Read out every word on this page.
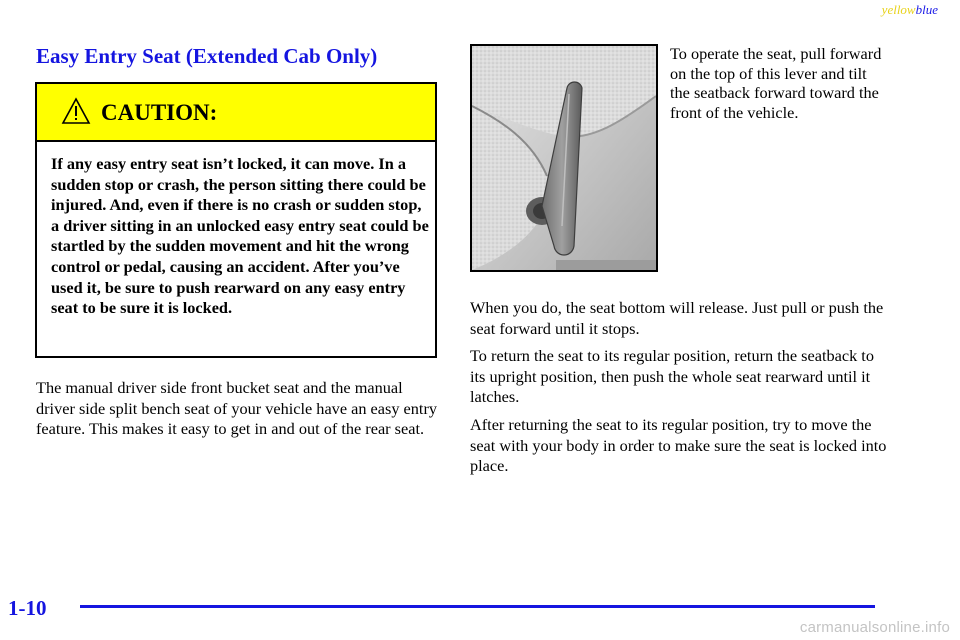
yellowblue
Easy Entry Seat (Extended Cab Only)
CAUTION:

If any easy entry seat isn’t locked, it can move. In a sudden stop or crash, the person sitting there could be injured. And, even if there is no crash or sudden stop, a driver sitting in an unlocked easy entry seat could be startled by the sudden movement and hit the wrong control or pedal, causing an accident. After you’ve used it, be sure to push rearward on any easy entry seat to be sure it is locked.

The manual driver side front bucket seat and the manual driver side split bench seat of your vehicle have an easy entry feature. This makes it easy to get in and out of the rear seat.

To operate the seat, pull forward on the top of this lever and tilt the seatback forward toward the front of the vehicle.

When you do, the seat bottom will release. Just pull or push the seat forward until it stops.

To return the seat to its regular position, return the seatback to its upright position, then push the whole seat rearward until it latches.

After returning the seat to its regular position, try to move the seat with your body in order to make sure the seat is locked into place.

1-10
carmanualsonline.info
